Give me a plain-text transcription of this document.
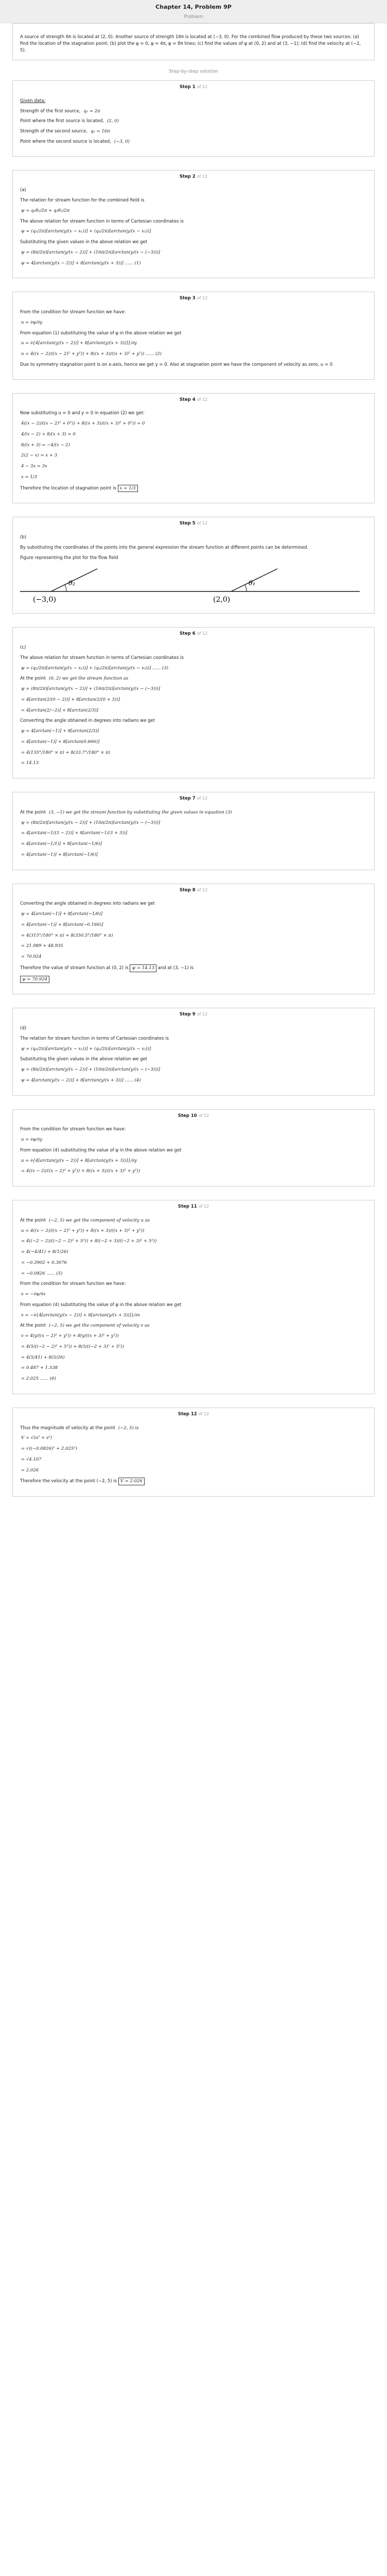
Chapter 14, Problem 9P
Problem
A source of strength 6π is located at (2, 0). Another source of strength 16π is located at (−3, 0). For the combined flow produced by these two sources: (a) find the location of the stagnation point; (b) plot the ψ = 0, ψ = 4π, ψ = 8π lines; (c) find the values of ψ at (0, 2) and at (3, −1); (d) find the velocity at (−2, 5).
Step-by-step solution
Step 1 of 12
Given data:
Strength of the first source, q₁ = 2π
Point where the first source is located, (2, 0)
Strength of the second source, q₂ = 16π
Point where the second source is located, (−3, 0)
Step 2 of 12
(a)
The relation for stream function for the combined field is
ψ = q₁θ₁/2π + q₂θ₂/2π
The above relation for stream function in terms of Cartesian coordinates is
ψ = (q₁/2π)[arctan(y/(x − x₁))] + (q₂/2π)[arctan(y/(x − x₂))]
Substituting the given values in the above relation we get
ψ = (8π/2π)[arctan(y/(x − 2))] + (16π/2π)[arctan(y/(x − (−3)))]
ψ = 4[arctan(y/(x − 2))] + 8[arctan(y/(x + 3))] ...... (1)
Step 3 of 12
From the condition for stream function we have:
u = ∂ψ/∂y
From equation (1) substituting the value of ψ in the above relation we get
u = ∂{4[arctan(y/(x − 2))] + 8[arctan(y/(x + 3))]}/∂y
u = 4((x − 2)/((x − 2)² + y²)) + 8((x + 3)/((x + 3)² + y²)) ...... (2)
Due to symmetry stagnation point is on x-axis, hence we get y = 0. Also at stagnation point we have the component of velocity as zero, u = 0
Step 4 of 12
Now substituting u = 0 and y = 0 in equation (2) we get:
4((x − 2)/((x − 2)² + 0²)) + 8((x + 3)/((x + 3)² + 0²)) = 0
4/(x − 2) + 8/(x + 3) = 0
8/(x + 3) = −4/(x − 2)
2(2 − x) = x + 3
4 − 3x = 3x
x = 1/3
Therefore the location of stagnation point is x = 1/3
Step 5 of 12
(b)
By substituting the coordinates of the points into the general expression the stream function at different points can be determined.
Figure representing the plot for the flow field
(−3,0)	(2,0)
θ₂	θ₁
Step 6 of 12
(c)
The above relation for stream function in terms of Cartesian coordinates is
ψ = (q₁/2π)[arctan(y/(x − x₁))] + (q₂/2π)[arctan(y/(x − x₂))] ...... (3)
At the point (0, 2) we get the stream function as
ψ = (8π/2π)[arctan(y/(x − 2))] + (16π/2π)[arctan(y/(x − (−3)))]
= 4[arctan(2/(0 − 2))] + 8[arctan(2/(0 + 3))]
= 4[arctan(2/−2)] + 8[arctan(2/3)]
Converting the angle obtained in degrees into radians we get
ψ = 4[arctan(−1)] + 8[arctan(2/3)]
= 4[arctan(−1)] + 8[arctan(0.666)]
= 4(135°/180° × π) + 8(33.7°/180° × π)
= 14.13
Step 7 of 12
At the point (3, −1) we get the stream function by substituting the given values in equation (3)
ψ = (8π/2π)[arctan(y/(x − 2))] + (16π/2π)[arctan(y/(x − (−3)))]
= 4[arctan(−1/(3 − 2))] + 8[arctan(−1/(3 + 3))]
= 4[arctan(−1/1)] + 8[arctan(−1/6)]
= 4[arctan(−1)] + 8[arctan(−1/6)]
Step 8 of 12
Converting the angle obtained in degrees into radians we get
ψ = 4[arctan(−1)] + 8[arctan(−1/6)]
= 4[arctan(−1)] + 8[arctan(−0.166)]
= 4(315°/180° × π) + 8(350.5°/180° × π)
= 21.989 + 48.935
= 70.924
Therefore the value of stream function at (0, 2) is ψ = 14.13 and at (3, −1) is
ψ = 70.924
Step 9 of 12
(d)
The relation for stream function in terms of Cartesian coordinates is
ψ = (q₁/2π)[arctan(y/(x − x₁))] + (q₂/2π)[arctan(y/(x − x₂))]
Substituting the given values in the above relation we get
ψ = (8π/2π)[arctan(y/(x − 2))] + (16π/2π)[arctan(y/(x − (−3)))]
ψ = 4[arctan(y/(x − 2))] + 8[arctan(y/(x + 3))] ...... (4)
Step 10 of 12
From the condition for stream function we have:
u = ∂ψ/∂y
From equation (4) substituting the value of ψ in the above relation we get
u = ∂{4[arctan(y/(x − 2))] + 8[arctan(y/(x + 3))]}/∂y
= 4((x − 2)/((x − 2)² + y²)) + 8((x + 3)/((x + 3)² + y²))
Step 11 of 12
At the point (−2, 5) we get the component of velocity u as
u = 4((x − 2)/((x − 2)² + y²)) + 8((x + 3)/((x + 3)² + y²))
= 4((−2 − 2)/((−2 − 2)² + 5²)) + 8((−2 + 3)/((−2 + 3)² + 5²))
= 4(−4/41) + 8(1/26)
= −0.3902 + 0.3076
= −0.0826 ...... (5)
From the condition for stream function we have:
v = −∂ψ/∂x
From equation (4) substituting the value of ψ in the above relation we get
v = −∂{4[arctan(y/(x − 2))] + 8[arctan(y/(x + 3))]}/∂x
At the point (−2, 5) we get the component of velocity v as
v = 4(y/((x − 2)² + y²)) + 8(y/((x + 3)² + y²))
= 4(5/((−2 − 2)² + 5²)) + 8(5/((−2 + 3)² + 5²))
= 4(5/41) + 8(5/26)
= 0.487 + 1.538
= 2.025 ...... (6)
Step 12 of 12
Thus the magnitude of velocity at the point (−2, 5) is
V = √(u² + v²)
= √((−0.0826)² + 2.025²)
= √4.107
= 2.026
Therefore the velocity at the point (−2, 5) is V = 2.026
